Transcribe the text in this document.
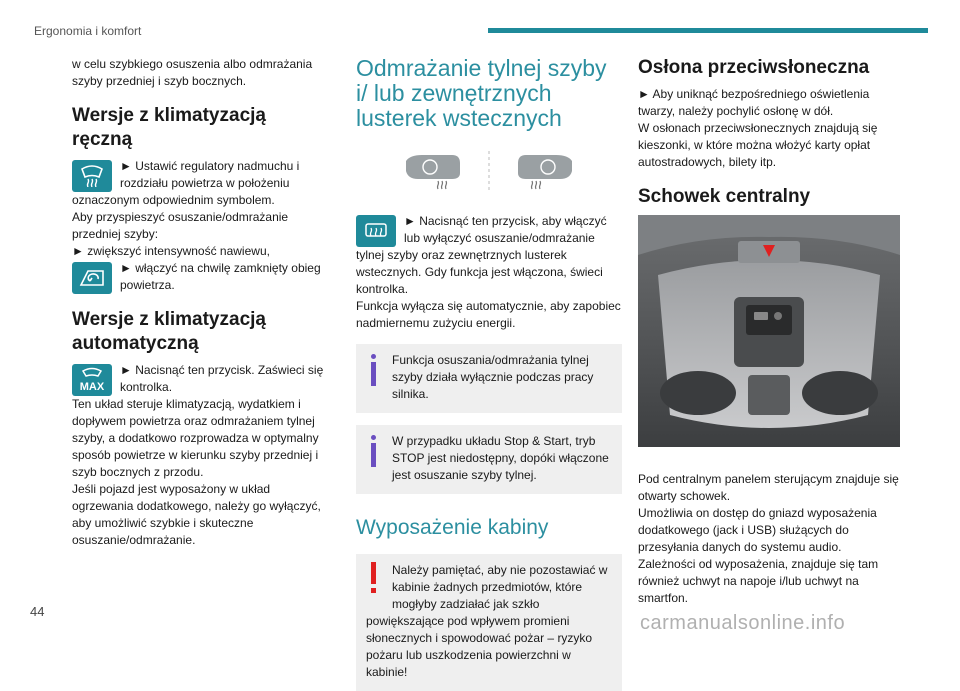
Ergonomia i komfort

w celu szybkiego osuszenia albo odmrażania szyby przedniej i szyb bocznych.

Wersje z klimatyzacją ręczną

► Ustawić regulatory nadmuchu i rozdziału powietrza w położeniu oznaczonym odpowiednim symbolem.

Aby przyspieszyć osuszanie/odmrażanie przedniej szyby:

► zwiększyć intensywność nawiewu,

► włączyć na chwilę zamknięty obieg powietrza.

Wersje z klimatyzacją automatyczną
MAX

► Nacisnąć ten przycisk. Zaświeci się kontrolka.

Ten układ steruje klimatyzacją, wydatkiem i dopływem powietrza oraz odmrażaniem tylnej szyby, a dodatkowo rozprowadza w optymalny sposób powietrze w kierunku szyby przedniej i szyb bocznych z przodu.

Jeśli pojazd jest wyposażony w układ ogrzewania dodatkowego, należy go wyłączyć, aby umożliwić szybkie i skuteczne osuszanie/odmrażanie.

Odmrażanie tylnej szyby i/ lub zewnętrznych lusterek wstecznych

► Nacisnąć ten przycisk, aby włączyć lub wyłączyć osuszanie/odmrażanie tylnej szyby oraz zewnętrznych lusterek wstecznych. Gdy funkcja jest włączona, świeci kontrolka.

Funkcja wyłącza się automatycznie, aby zapobiec nadmiernemu zużyciu energii.

Funkcja osuszania/odmrażania tylnej szyby działa wyłącznie podczas pracy silnika.

W przypadku układu Stop & Start, tryb STOP jest niedostępny, dopóki włączone jest osuszanie szyby tylnej.

Wyposażenie kabiny

Należy pamiętać, aby nie pozostawiać w kabinie żadnych przedmiotów, które mogłyby zadziałać jak szkło powiększające pod wpływem promieni słonecznych i spowodować pożar – ryzyko pożaru lub uszkodzenia powierzchni w kabinie!

Osłona przeciwsłoneczna

► Aby uniknąć bezpośredniego oświetlenia twarzy, należy pochylić osłonę w dół.

W osłonach przeciwsłonecznych znajdują się kieszonki, w które można włożyć karty opłat autostradowych, bilety itp.

Schowek centralny

Pod centralnym panelem sterującym znajduje się otwarty schowek.

Umożliwia on dostęp do gniazd wyposażenia dodatkowego (jack i USB) służących do przesyłania danych do systemu audio.

Zależności od wyposażenia, znajduje się tam również uchwyt na napoje i/lub uchwyt na smartfon.

44
carmanualsonline.info
